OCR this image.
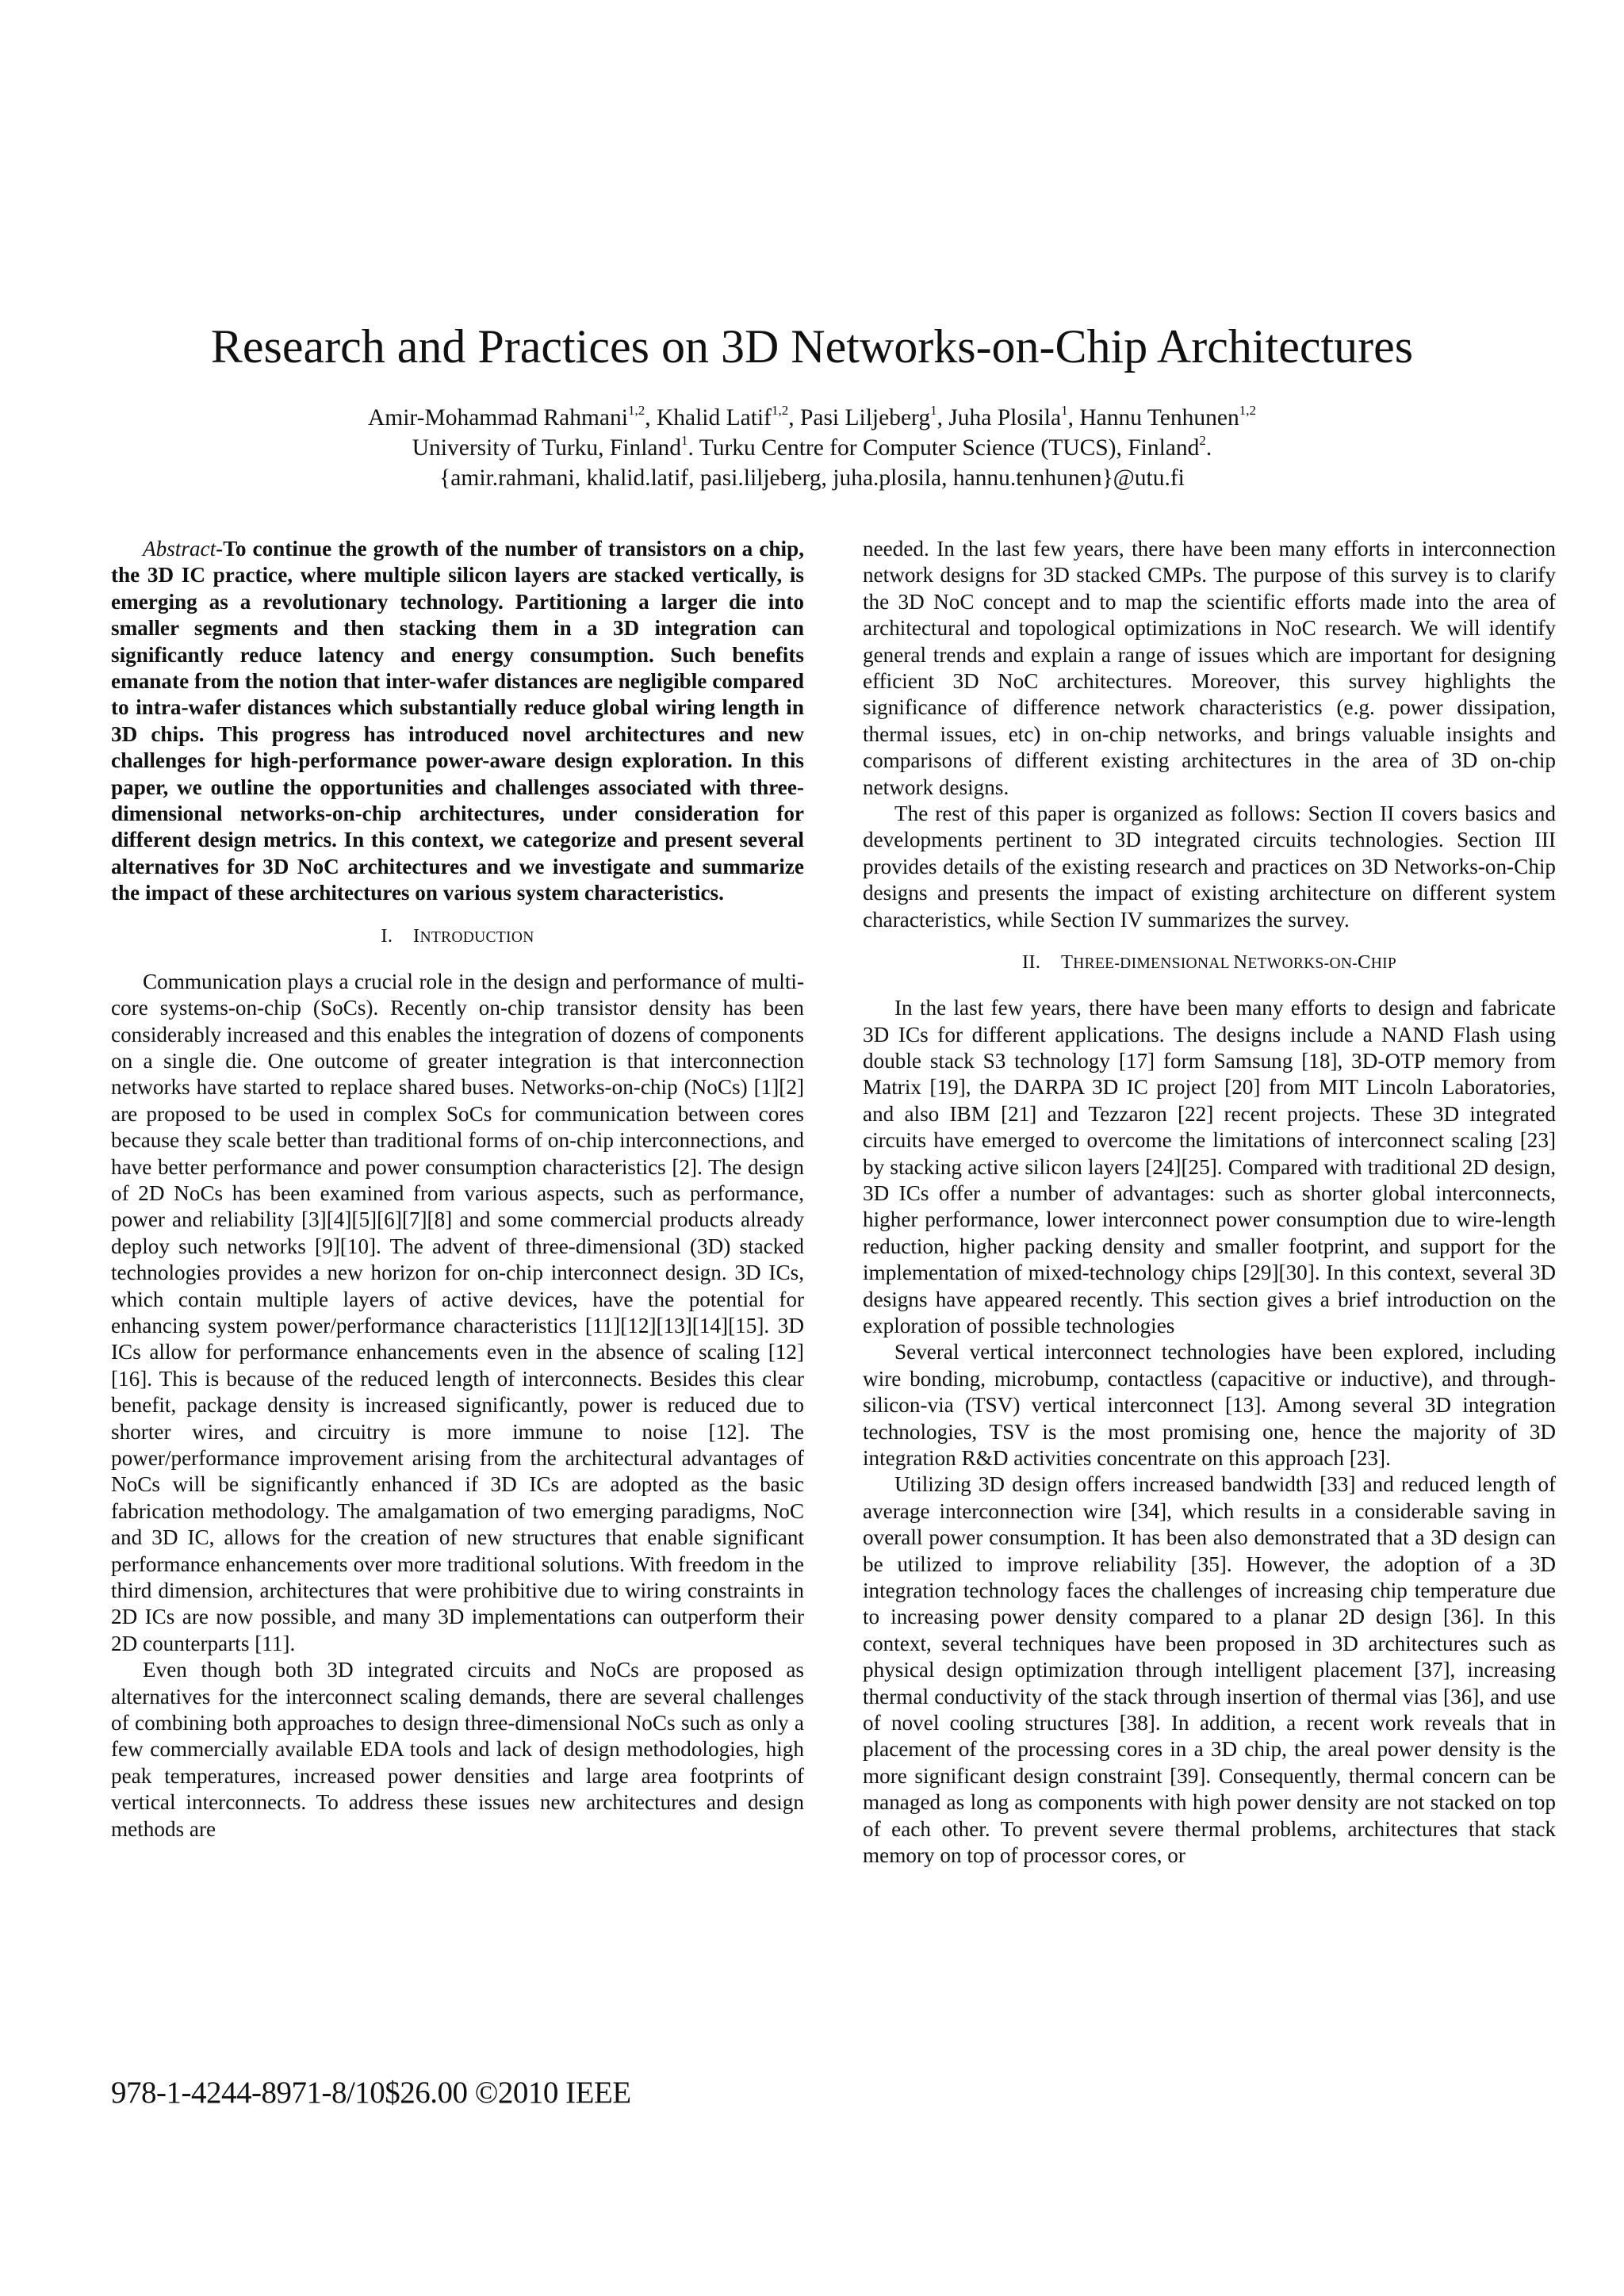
Research and Practices on 3D Networks-on-Chip Architectures
Amir-Mohammad Rahmani$^{1,2}$, Khalid Latif$^{1,2}$, Pasi Liljeberg$^1$, Juha Plosila$^1$, Hannu Tenhunen$^{1,2}$
University of Turku, Finland$^1$. Turku Centre for Computer Science (TUCS), Finland$^2$.
{amir.rahmani, khalid.latif, pasi.liljeberg, juha.plosila, hannu.tenhunen}@utu.fi

Abstract-To continue the growth of the number of transistors on a chip, the 3D IC practice, where multiple silicon layers are stacked vertically, is emerging as a revolutionary technology. Partitioning a larger die into smaller segments and then stacking them in a 3D integration can significantly reduce latency and energy consumption. Such benefits emanate from the notion that inter-wafer distances are negligible compared to intra-wafer distances which substantially reduce global wiring length in 3D chips. This progress has introduced novel architectures and new challenges for high-performance power-aware design exploration. In this paper, we outline the opportunities and challenges associated with three-dimensional networks-on-chip architectures, under consideration for different design metrics. In this context, we categorize and present several alternatives for 3D NoC architectures and we investigate and summarize the impact of these architectures on various system characteristics.

I. INTRODUCTION

Communication plays a crucial role in the design and performance of multi-core systems-on-chip (SoCs). Recently on-chip transistor density has been considerably increased and this enables the integration of dozens of components on a single die. One outcome of greater integration is that interconnection networks have started to replace shared buses. Networks-on-chip (NoCs) [1][2] are proposed to be used in complex SoCs for communication between cores because they scale better than traditional forms of on-chip interconnections, and have better performance and power consumption characteristics [2]. The design of 2D NoCs has been examined from various aspects, such as performance, power and reliability [3][4][5][6][7][8] and some commercial products already deploy such networks [9][10]. The advent of three-dimensional (3D) stacked technologies provides a new horizon for on-chip interconnect design. 3D ICs, which contain multiple layers of active devices, have the potential for enhancing system power/performance characteristics [11][12][13][14][15]. 3D ICs allow for performance enhancements even in the absence of scaling [12][16]. This is because of the reduced length of interconnects. Besides this clear benefit, package density is increased significantly, power is reduced due to shorter wires, and circuitry is more immune to noise [12]. The power/performance improvement arising from the architectural advantages of NoCs will be significantly enhanced if 3D ICs are adopted as the basic fabrication methodology. The amalgamation of two emerging paradigms, NoC and 3D IC, allows for the creation of new structures that enable significant performance enhancements over more traditional solutions. With freedom in the third dimension, architectures that were prohibitive due to wiring constraints in 2D ICs are now possible, and many 3D implementations can outperform their 2D counterparts [11].

Even though both 3D integrated circuits and NoCs are proposed as alternatives for the interconnect scaling demands, there are several challenges of combining both approaches to design three-dimensional NoCs such as only a few commercially available EDA tools and lack of design methodologies, high peak temperatures, increased power densities and large area footprints of vertical interconnects. To address these issues new architectures and design methods are

needed. In the last few years, there have been many efforts in interconnection network designs for 3D stacked CMPs. The purpose of this survey is to clarify the 3D NoC concept and to map the scientific efforts made into the area of architectural and topological optimizations in NoC research. We will identify general trends and explain a range of issues which are important for designing efficient 3D NoC architectures. Moreover, this survey highlights the significance of difference network characteristics (e.g. power dissipation, thermal issues, etc) in on-chip networks, and brings valuable insights and comparisons of different existing architectures in the area of 3D on-chip network designs.

The rest of this paper is organized as follows: Section II covers basics and developments pertinent to 3D integrated circuits technologies. Section III provides details of the existing research and practices on 3D Networks-on-Chip designs and presents the impact of existing architecture on different system characteristics, while Section IV summarizes the survey.

II. THREE-DIMENSIONAL NETWORKS-ON-CHIP

In the last few years, there have been many efforts to design and fabricate 3D ICs for different applications. The designs include a NAND Flash using double stack S3 technology [17] form Samsung [18], 3D-OTP memory from Matrix [19], the DARPA 3D IC project [20] from MIT Lincoln Laboratories, and also IBM [21] and Tezzaron [22] recent projects. These 3D integrated circuits have emerged to overcome the limitations of interconnect scaling [23] by stacking active silicon layers [24][25]. Compared with traditional 2D design, 3D ICs offer a number of advantages: such as shorter global interconnects, higher performance, lower interconnect power consumption due to wire-length reduction, higher packing density and smaller footprint, and support for the implementation of mixed-technology chips [29][30]. In this context, several 3D designs have appeared recently. This section gives a brief introduction on the exploration of possible technologies

Several vertical interconnect technologies have been explored, including wire bonding, microbump, contactless (capacitive or inductive), and through-silicon-via (TSV) vertical interconnect [13]. Among several 3D integration technologies, TSV is the most promising one, hence the majority of 3D integration R&D activities concentrate on this approach [23].

Utilizing 3D design offers increased bandwidth [33] and reduced length of average interconnection wire [34], which results in a considerable saving in overall power consumption. It has been also demonstrated that a 3D design can be utilized to improve reliability [35]. However, the adoption of a 3D integration technology faces the challenges of increasing chip temperature due to increasing power density compared to a planar 2D design [36]. In this context, several techniques have been proposed in 3D architectures such as physical design optimization through intelligent placement [37], increasing thermal conductivity of the stack through insertion of thermal vias [36], and use of novel cooling structures [38]. In addition, a recent work reveals that in placement of the processing cores in a 3D chip, the areal power density is the more significant design constraint [39]. Consequently, thermal concern can be managed as long as components with high power density are not stacked on top of each other. To prevent severe thermal problems, architectures that stack memory on top of processor cores, or

978-1-4244-8971-8/10$26.00 ©2010 IEEE
